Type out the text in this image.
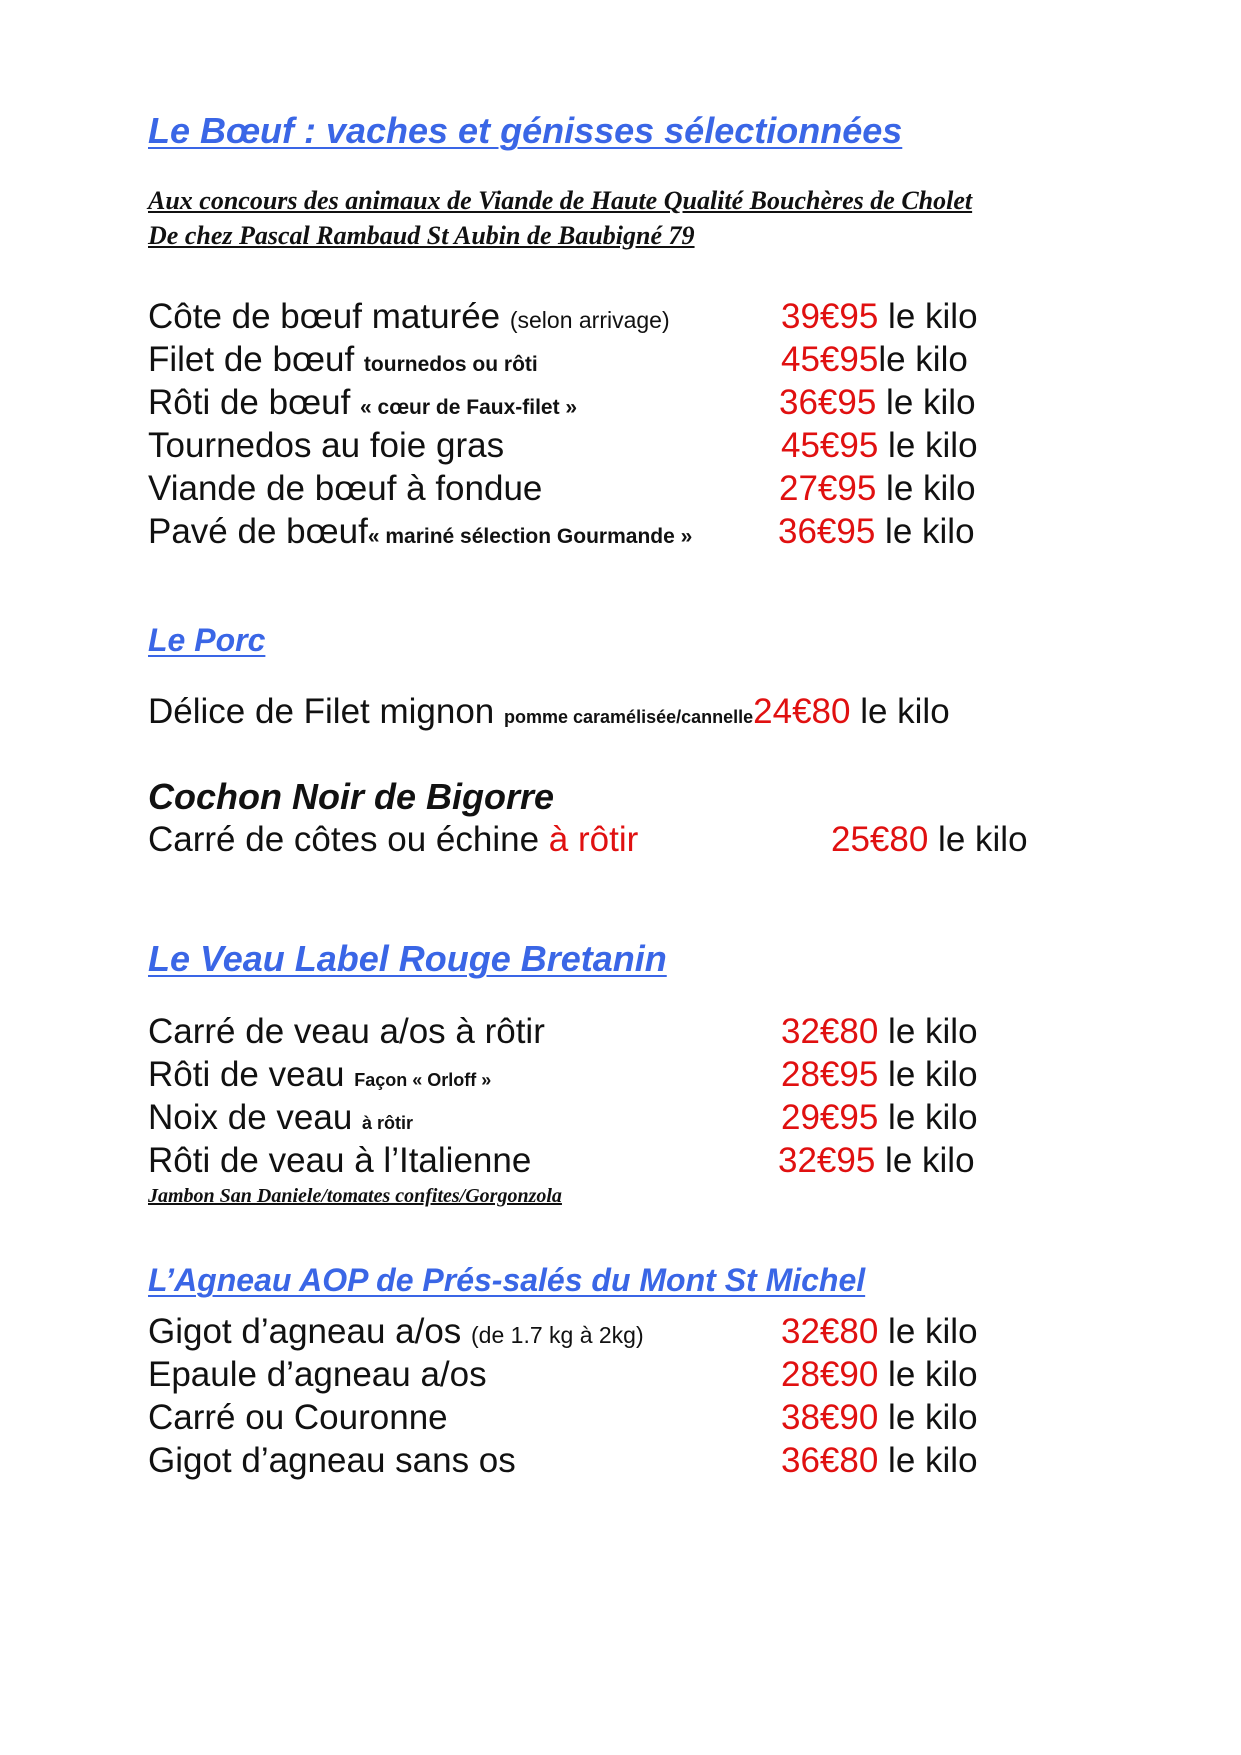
Le Bœuf : vaches et génisses sélectionnées

Aux concours des animaux de Viande de Haute Qualité Bouchères de Cholet

De chez Pascal Rambaud St Aubin de Baubigné 79

Côte de bœuf maturée (selon arrivage)	39€95 le kilo
Filet de bœuf tournedos ou rôti	45€95le kilo
Rôti de bœuf « cœur de Faux-filet »	36€95 le kilo
Tournedos au foie gras	45€95 le kilo
Viande de bœuf à fondue	27€95 le kilo
Pavé de bœuf« mariné sélection Gourmande » 36€95 le kilo
Le Porc
Délice de Filet mignon pomme caramélisée/cannelle24€80 le kilo
Cochon Noir de Bigorre
Carré de côtes ou échine à rôtir	25€80 le kilo
Le Veau Label Rouge Bretanin
Carré de veau a/os à rôtir	32€80 le kilo
Rôti de veau Façon « Orloff »	28€95 le kilo
Noix de veau à rôtir	29€95 le kilo
Rôti de veau à l’Italienne	32€95 le kilo

Jambon San Daniele/tomates confites/Gorgonzola

L’Agneau AOP de Prés-salés du Mont St Michel
Gigot d’agneau a/os (de 1.7 kg à 2kg)	32€80 le kilo
Epaule d’agneau a/os	28€90 le kilo
Carré ou Couronne	38€90 le kilo
Gigot d’agneau sans os	36€80 le kilo
